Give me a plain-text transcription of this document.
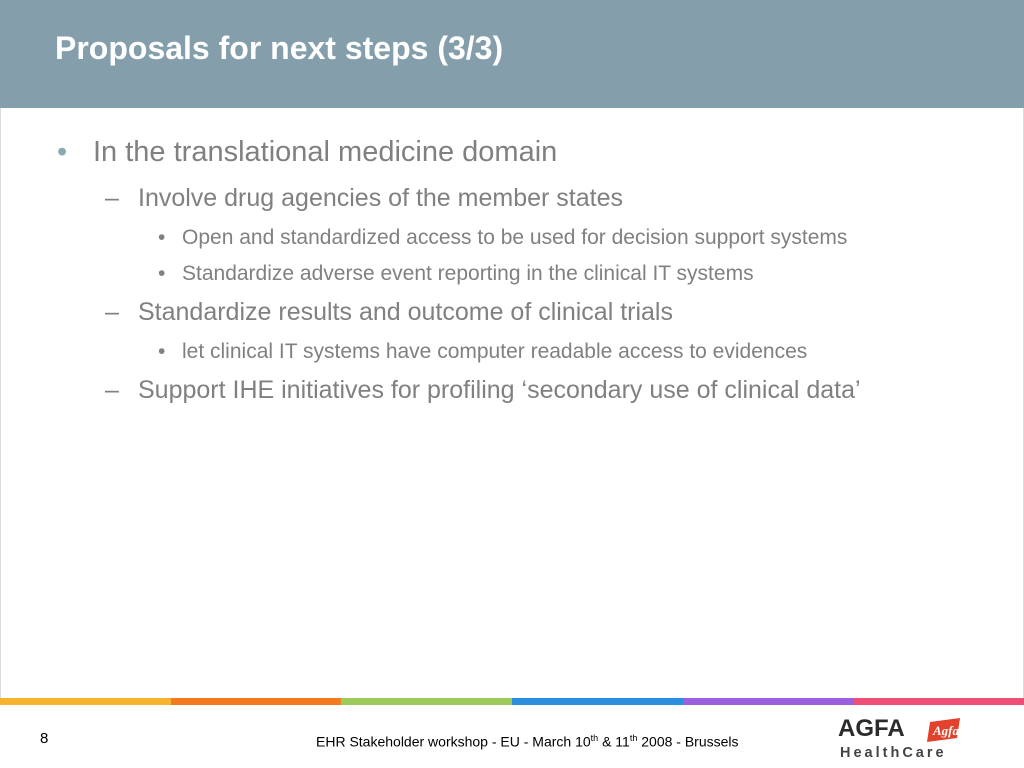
Proposals for next steps (3/3)
• In the translational medicine domain
– Involve drug agencies of the member states
• Open and standardized access to be used for decision support systems
• Standardize adverse event reporting in the clinical IT systems
– Standardize results and outcome of clinical trials
• let clinical IT systems have computer readable access to evidences
– Support IHE initiatives for profiling ‘secondary use of clinical data’
8	EHR Stakeholder workshop - EU - March 10th & 11th 2008 - Brussels	AGFA Agfa
HealthCare
